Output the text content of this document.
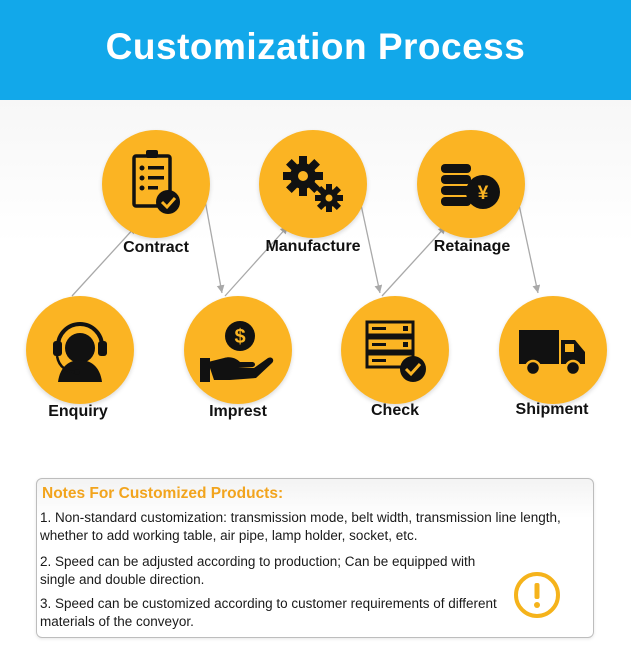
Customization Process
Enquiry
Contract
$
Imprest
Manufacture
Check
¥
Retainage
Shipment
Notes For Customized Products:
1. Non-standard customization: transmission mode, belt width, transmission line length, whether to add working table, air pipe, lamp holder, socket, etc.
2. Speed can be adjusted according to production; Can be equipped with single and double direction.
3. Speed can be customized according to customer requirements of different materials of the conveyor.
